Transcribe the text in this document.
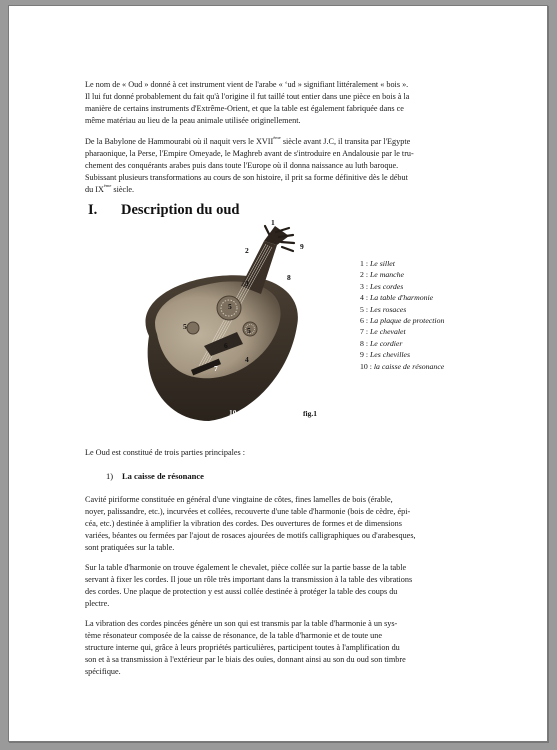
Le nom de « Oud » donné à cet instrument vient de l'arabe « ‘ud » signifiant littéralement « bois ».
Il lui fut donné probablement du fait qu'à l'origine il fut taillé tout entier dans une pièce en bois à la
manière de certains instruments d'Extrême-Orient, et que la table est également fabriquée dans ce
même matériau au lieu de la peau animale utilisée originellement.

De la Babylone de Hammourabi où il naquit vers le XVIIème siècle avant J.C, il transita par l'Egypte
pharaonique, la Perse, l'Empire Omeyade, le Maghreb avant de s'introduire en Andalousie par le tru-
chement des conquérants arabes puis dans toute l'Europe où il donna naissance au luth baroque.
Subissant plusieurs transformations au cours de son histoire, il prit sa forme définitive dès le début
du IXème siècle.

I. Description du oud
1
2
3
4
5
5	5
6
7
8
9
10
1 : Le sillet
2 : Le manche
3 : Les cordes
4 : La table d'harmonie
5 : Les rosaces
6 : La plaque de protection
7 : Le chevalet
8 : Le cordier
9 : Les chevilles
10 : la caisse de résonance
fig.1

Le Oud est constitué de trois parties principales :

1) La caisse de résonance

Cavité piriforme constituée en général d'une vingtaine de côtes, fines lamelles de bois (érable,
noyer, palissandre, etc.), incurvées et collées, recouverte d'une table d'harmonie (bois de cèdre, épi-
céa, etc.) destinée à amplifier la vibration des cordes. Des ouvertures de formes et de dimensions
variées, béantes ou fermées par l'ajout de rosaces ajourées de motifs calligraphiques ou d'arabesques,
sont pratiquées sur la table.

Sur la table d'harmonie on trouve également le chevalet, pièce collée sur la partie basse de la table
servant à fixer les cordes. Il joue un rôle très important dans la transmission à la table des vibrations
des cordes. Une plaque de protection y est aussi collée destinée à protéger la table des coups du
plectre.

La vibration des cordes pincées génère un son qui est transmis par la table d'harmonie à un sys-
tème résonateur composée de la caisse de résonance, de la table d'harmonie et de toute une
structure interne qui, grâce à leurs propriétés particulières, participent toutes à l'amplification du
son et à sa transmission à l'extérieur par le biais des ouïes, donnant ainsi au son du oud son timbre
spécifique.
